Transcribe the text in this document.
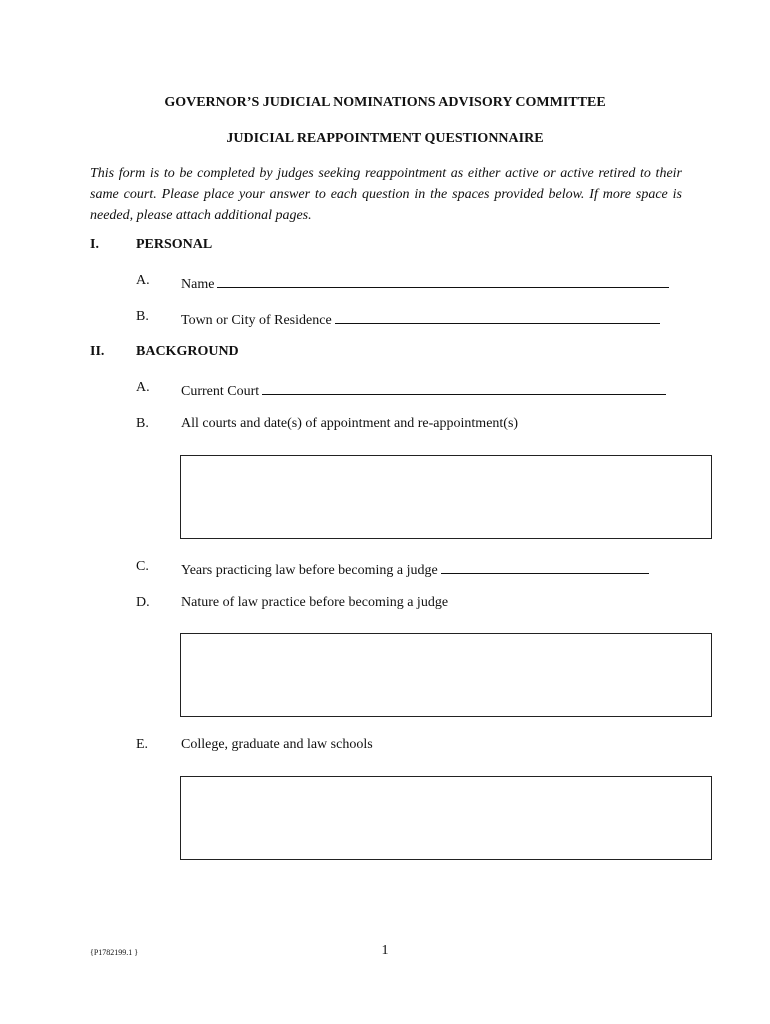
GOVERNOR’S JUDICIAL NOMINATIONS ADVISORY COMMITTEE
JUDICIAL REAPPOINTMENT QUESTIONNAIRE
This form is to be completed by judges seeking reappointment as either active or active retired to their same court. Please place your answer to each question in the spaces provided below. If more space is needed, please attach additional pages.
I.	PERSONAL
A. Name
B. Town or City of Residence
II. BACKGROUND
A. Current Court
B. All courts and date(s) of appointment and re-appointment(s)
C. Years practicing law before becoming a judge
D. Nature of law practice before becoming a judge
E. College, graduate and law schools
{P1782199.1 }	1
